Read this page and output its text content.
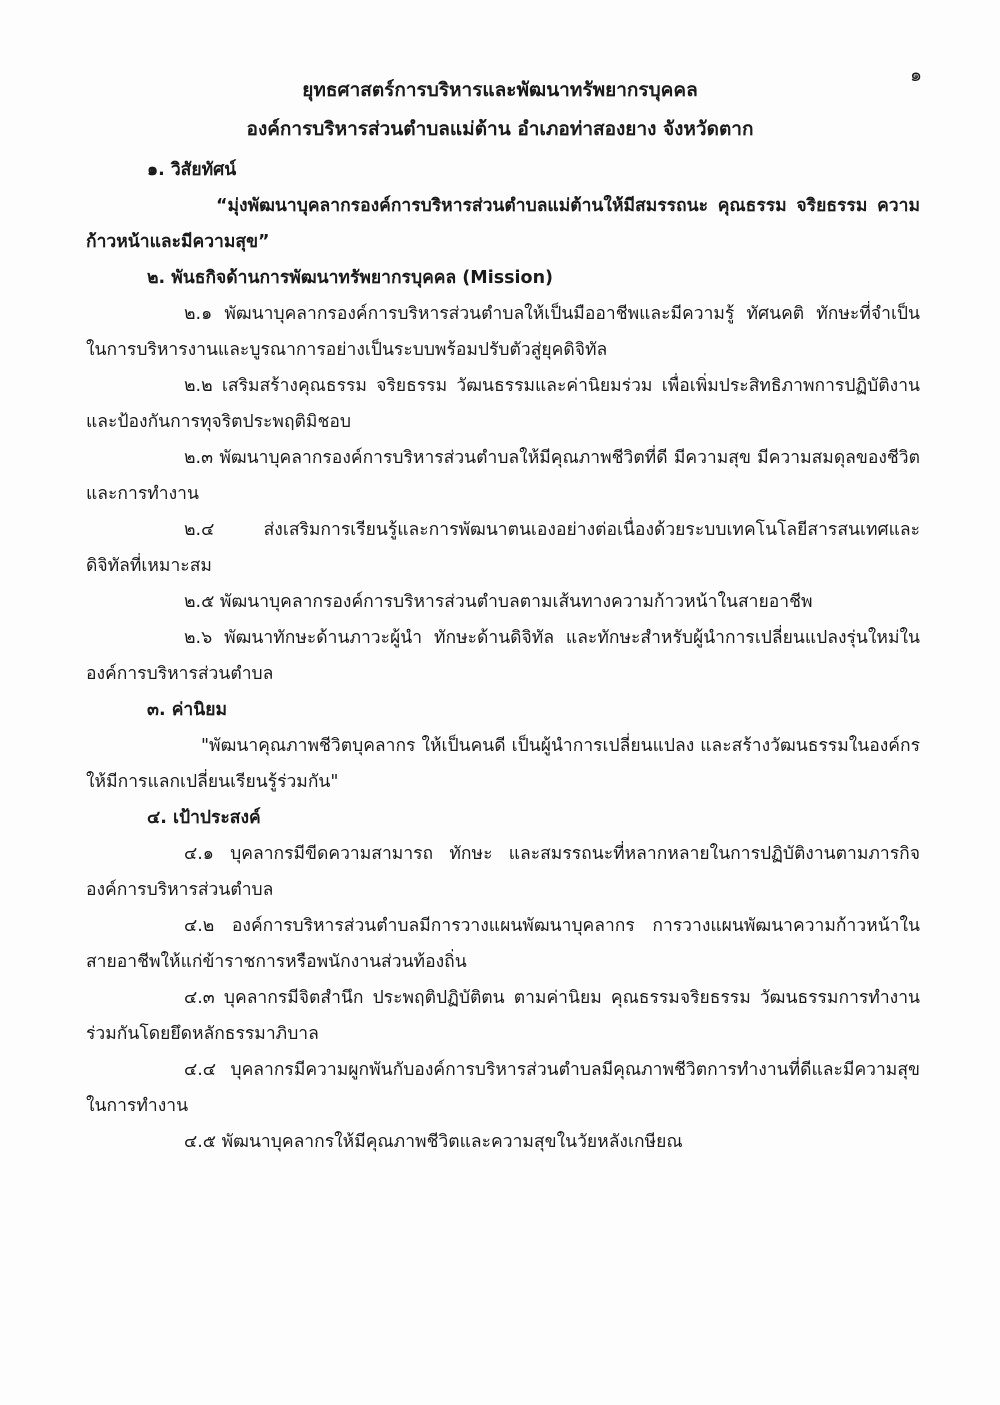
๑
ยุทธศาสตร์การบริหารและพัฒนาทรัพยากรบุคคล
องค์การบริหารส่วนตำบลแม่ต้าน อำเภอท่าสองยาง จังหวัดตาก
๑. วิสัยทัศน์
“มุ่งพัฒนาบุคลากรองค์การบริหารส่วนตำบลแม่ต้านให้มีสมรรถนะ คุณธรรม จริยธรรม ความก้าวหน้าและมีความสุข”
๒. พันธกิจด้านการพัฒนาทรัพยากรบุคคล (Mission)
๒.๑ พัฒนาบุคลากรองค์การบริหารส่วนตำบลให้เป็นมืออาชีพและมีความรู้ ทัศนคติ ทักษะที่จำเป็นในการบริหารงานและบูรณาการอย่างเป็นระบบพร้อมปรับตัวสู่ยุคดิจิทัล
๒.๒ เสริมสร้างคุณธรรม จริยธรรม วัฒนธรรมและค่านิยมร่วม เพื่อเพิ่มประสิทธิภาพการปฏิบัติงานและป้องกันการทุจริตประพฤติมิชอบ
๒.๓ พัฒนาบุคลากรองค์การบริหารส่วนตำบลให้มีคุณภาพชีวิตที่ดี มีความสุข มีความสมดุลของชีวิตและการทำงาน
๒.๔ ส่งเสริมการเรียนรู้และการพัฒนาตนเองอย่างต่อเนื่องด้วยระบบเทคโนโลยีสารสนเทศและดิจิทัลที่เหมาะสม
๒.๕ พัฒนาบุคลากรองค์การบริหารส่วนตำบลตามเส้นทางความก้าวหน้าในสายอาชีพ
๒.๖ พัฒนาทักษะด้านภาวะผู้นำ ทักษะด้านดิจิทัล และทักษะสำหรับผู้นำการเปลี่ยนแปลงรุ่นใหม่ในองค์การบริหารส่วนตำบล
๓. ค่านิยม
"พัฒนาคุณภาพชีวิตบุคลากร ให้เป็นคนดี เป็นผู้นำการเปลี่ยนแปลง และสร้างวัฒนธรรมในองค์กรให้มีการแลกเปลี่ยนเรียนรู้ร่วมกัน"
๔. เป้าประสงค์
๔.๑ บุคลากรมีขีดความสามารถ ทักษะ และสมรรถนะที่หลากหลายในการปฏิบัติงานตามภารกิจองค์การบริหารส่วนตำบล
๔.๒ องค์การบริหารส่วนตำบลมีการวางแผนพัฒนาบุคลากร การวางแผนพัฒนาความก้าวหน้าในสายอาชีพให้แก่ข้าราชการหรือพนักงานส่วนท้องถิ่น
๔.๓ บุคลากรมีจิตสำนึก ประพฤติปฏิบัติตน ตามค่านิยม คุณธรรมจริยธรรม วัฒนธรรมการทำงานร่วมกันโดยยึดหลักธรรมาภิบาล
๔.๔ บุคลากรมีความผูกพันกับองค์การบริหารส่วนตำบลมีคุณภาพชีวิตการทำงานที่ดีและมีความสุขในการทำงาน
๔.๕ พัฒนาบุคลากรให้มีคุณภาพชีวิตและความสุขในวัยหลังเกษียณ
